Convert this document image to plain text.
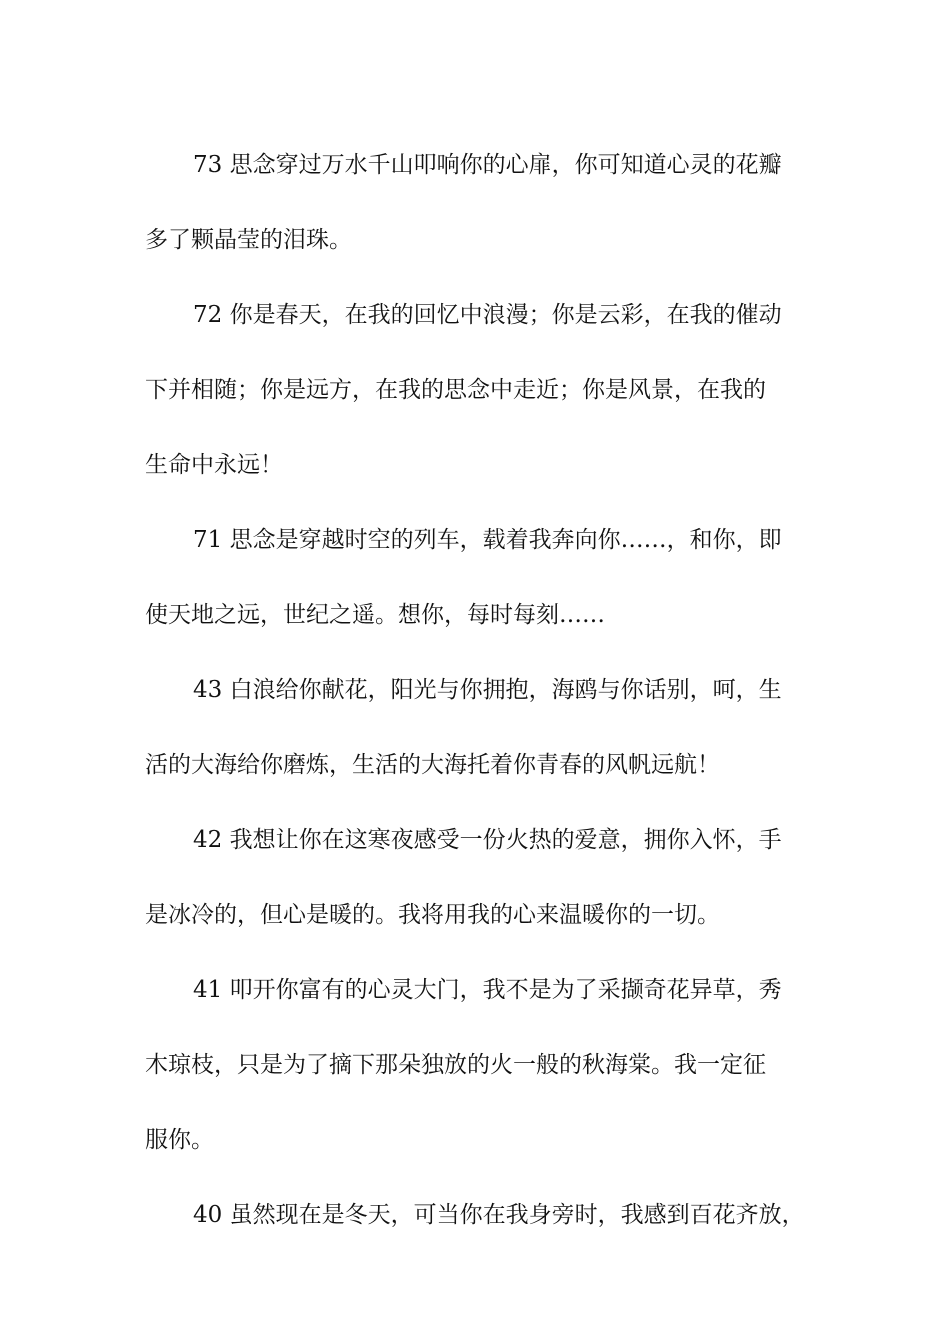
73 思念穿过万水千山叩响你的心扉，你可知道心灵的花瓣
多了颗晶莹的泪珠。

72 你是春天，在我的回忆中浪漫；你是云彩，在我的催动
下并相随；你是远方，在我的思念中走近；你是风景，在我的
生命中永远！

71 思念是穿越时空的列车，载着我奔向你……，和你，即
使天地之远，世纪之遥。想你，每时每刻……

43 白浪给你献花，阳光与你拥抱，海鸥与你话别，呵，生
活的大海给你磨炼，生活的大海托着你青春的风帆远航！

42 我想让你在这寒夜感受一份火热的爱意，拥你入怀，手
是冰冷的，但心是暖的。我将用我的心来温暖你的一切。

41 叩开你富有的心灵大门，我不是为了采撷奇花异草，秀
木琼枝，只是为了摘下那朵独放的火一般的秋海棠。我一定征
服你。

40 虽然现在是冬天，可当你在我身旁时，我感到百花齐放，
